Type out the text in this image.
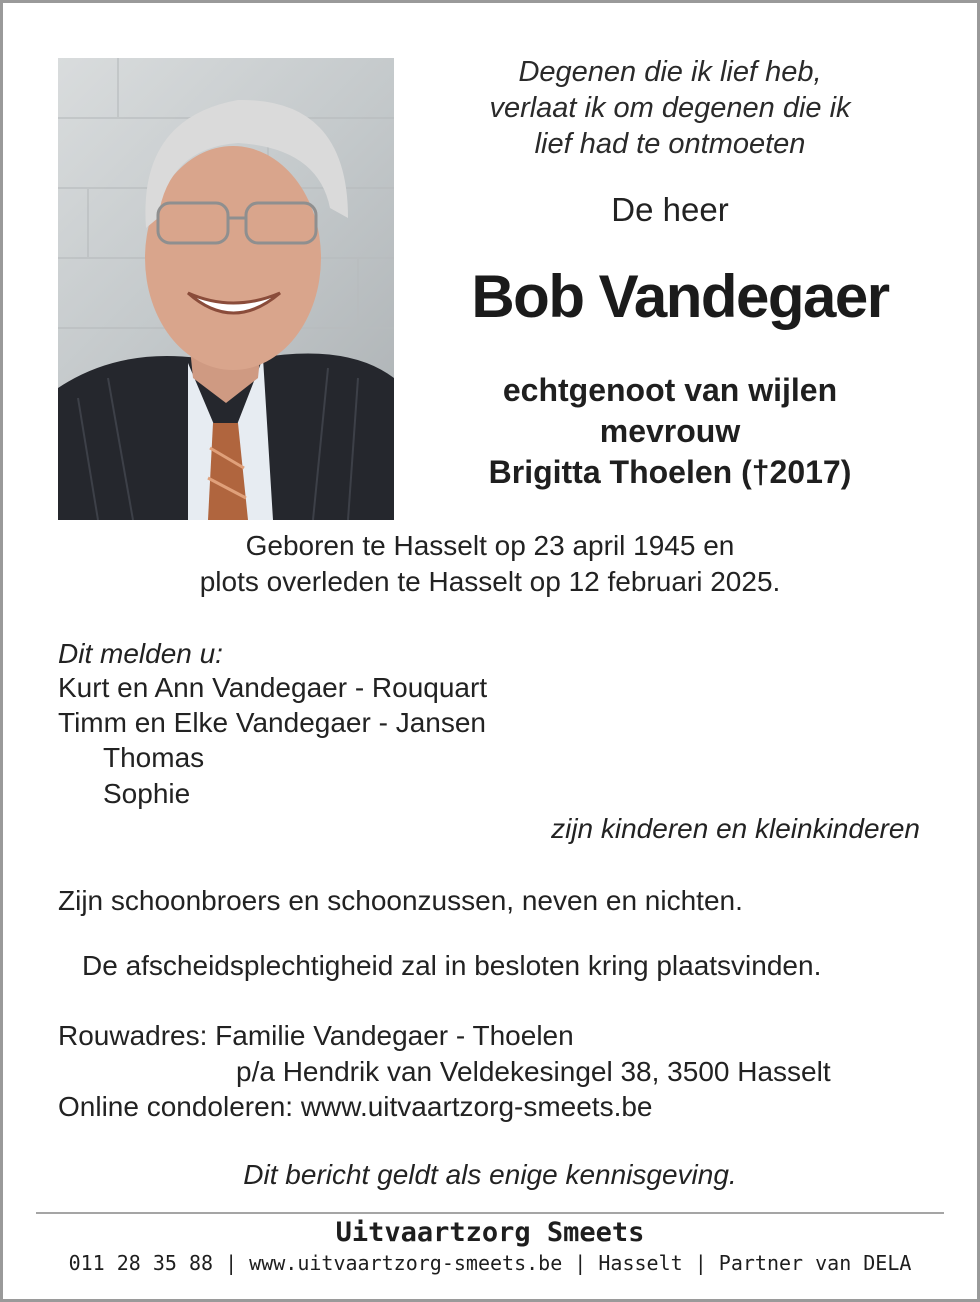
Degenen die ik lief heb,
verlaat ik om degenen die ik
lief had te ontmoeten
De heer
Bob Vandegaer
echtgenoot van wijlen
mevrouw
Brigitta Thoelen (†2017)
Geboren te Hasselt op 23 april 1945 en
plots overleden te Hasselt op 12 februari 2025.
Dit melden u:
Kurt en Ann Vandegaer - Rouquart
Timm en Elke Vandegaer - Jansen
Thomas
Sophie
zijn kinderen en kleinkinderen
Zijn schoonbroers en schoonzussen, neven en nichten.
De afscheidsplechtigheid zal in besloten kring plaatsvinden.
Rouwadres: Familie Vandegaer - Thoelen
p/a Hendrik van Veldekesingel 38, 3500 Hasselt
Online condoleren: www.uitvaartzorg-smeets.be
Dit bericht geldt als enige kennisgeving.
Uitvaartzorg Smeets
011 28 35 88 | www.uitvaartzorg-smeets.be | Hasselt | Partner van DELA
